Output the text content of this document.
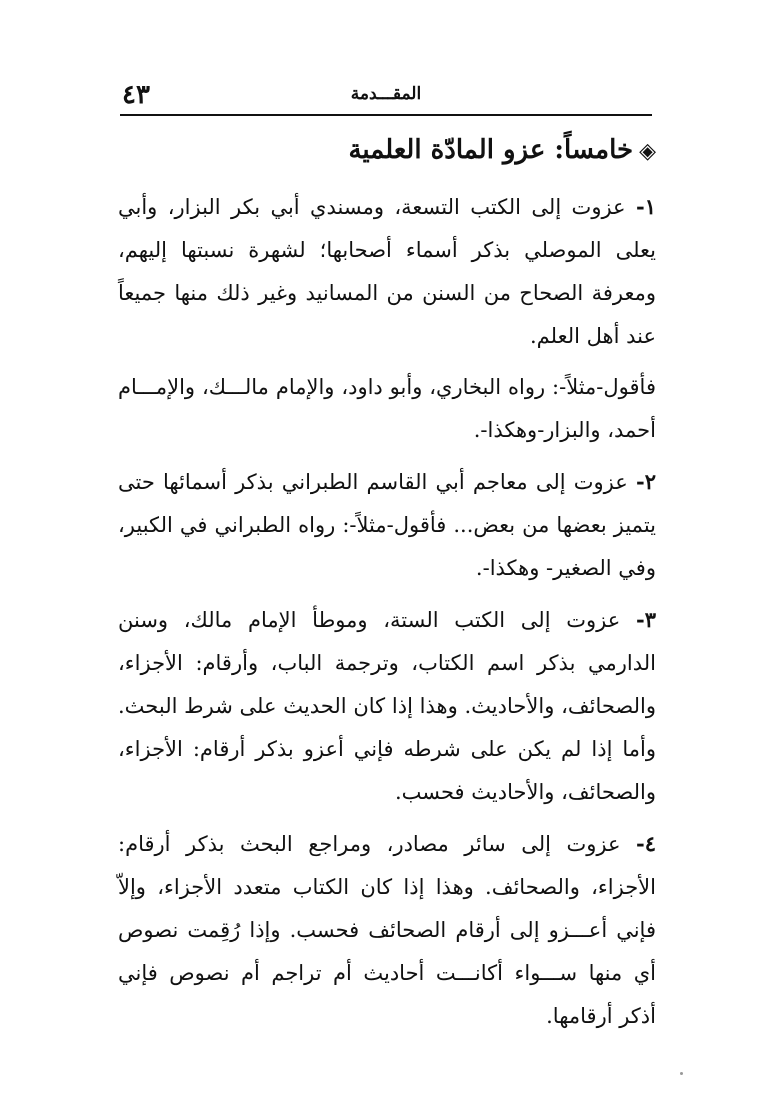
٤٣	المقـــدمة
◈خامساً: عزو المادّة العلمية

١- عزوت إلى الكتب التسعة، ومسندي أبي بكر البزار، وأبي يعلى الموصلي بذكر أسماء أصحابها؛ لشهرة نسبتها إليهم، ومعرفة الصحاح من السنن من المسانيد وغير ذلك منها جميعاً عند أهل العلم.

فأقول-مثلاً-: رواه البخاري، وأبو داود، والإمام مالـــك، والإمـــام أحمد، والبزار-وهكذا-.

٢- عزوت إلى معاجم أبي القاسم الطبراني بذكر أسمائها حتى يتميز بعضها من بعض... فأقول-مثلاً-: رواه الطبراني في الكبير، وفي الصغير- وهكذا-.

٣- عزوت إلى الكتب الستة، وموطأ الإمام مالك، وسنن الدارمي بذكر اسم الكتاب، وترجمة الباب، وأرقام: الأجزاء، والصحائف، والأحاديث. وهذا إذا كان الحديث على شرط البحث. وأما إذا لم يكن على شرطه فإني أعزو بذكر أرقام: الأجزاء، والصحائف، والأحاديث فحسب.

٤- عزوت إلى سائر مصادر، ومراجع البحث بذكر أرقام: الأجزاء، والصحائف. وهذا إذا كان الكتاب متعدد الأجزاء، وإلاّ فإني أعـــزو إلى أرقام الصحائف فحسب. وإذا رُقِمت نصوص أي منها ســـواء أكانـــت أحاديث أم تراجم أم نصوص فإني أذكر أرقامها.
